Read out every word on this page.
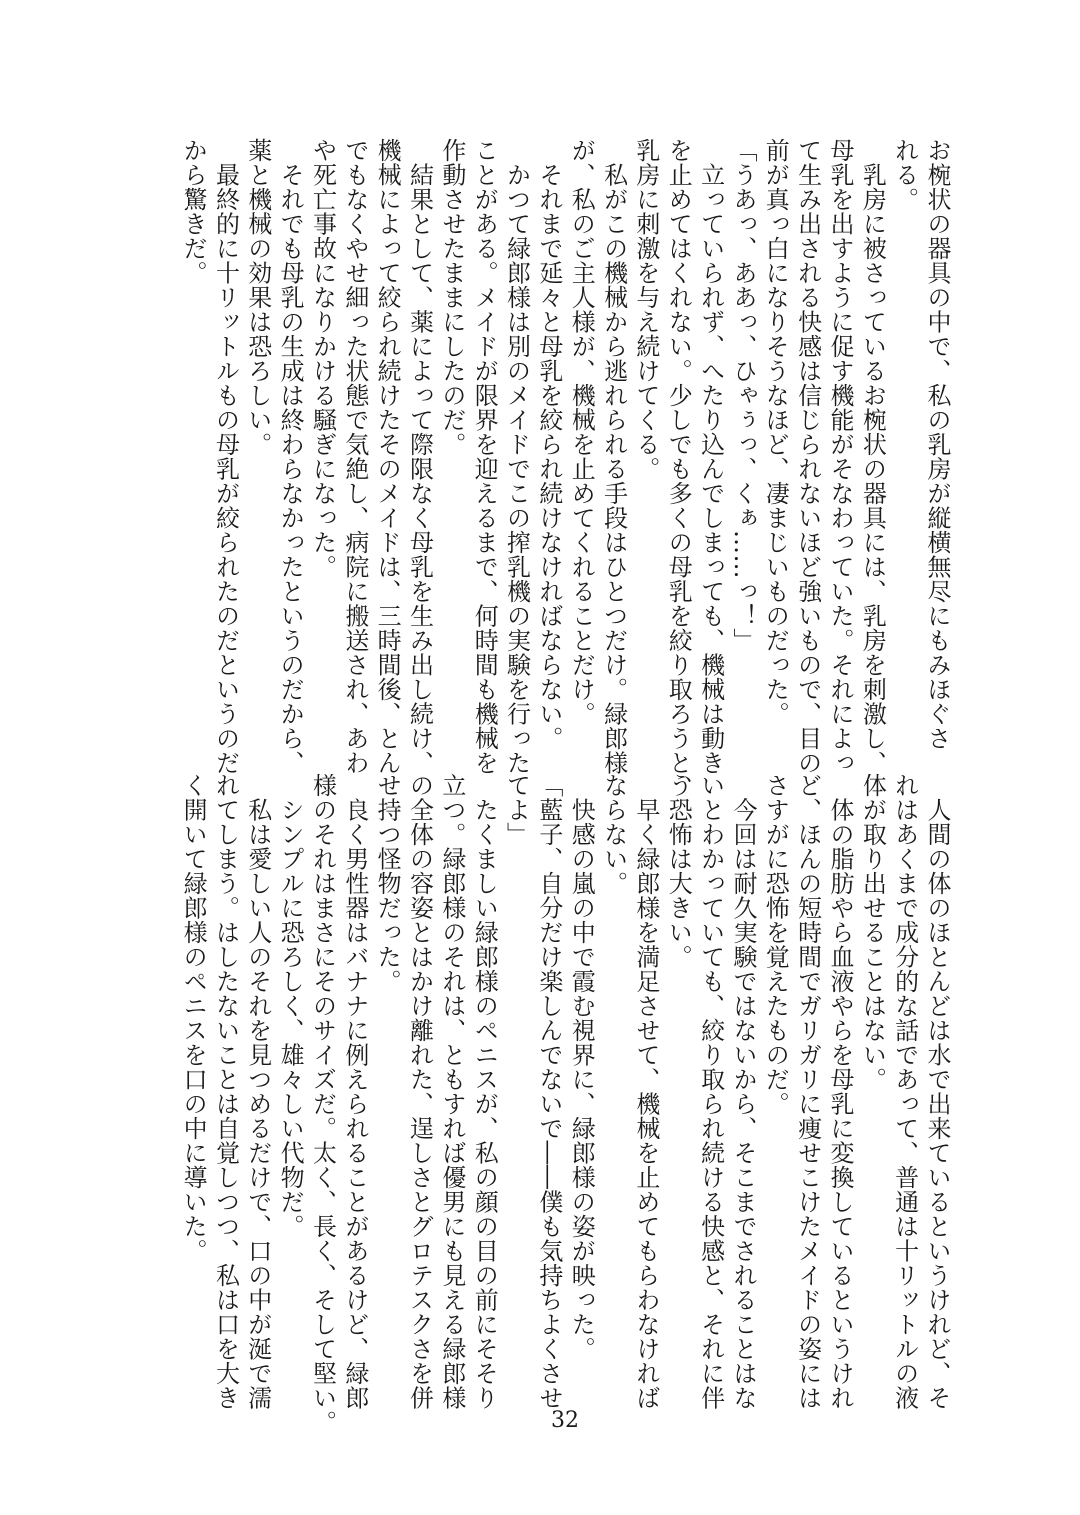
お椀状の器具の中で、私の乳房が縦横無尽にもみほぐさ
れる。
　乳房に被さっているお椀状の器具には、乳房を刺激し、
母乳を出すように促す機能がそなわっていた。それによっ
て生み出される快感は信じられないほど強いもので、目の
前が真っ白になりそうなほど、凄まじいものだった。
「うあっ、ああっ、ひゃぅっ、くぁ……っ！」
　立っていられず、へたり込んでしまっても、機械は動き
を止めてはくれない。少しでも多くの母乳を絞り取ろうと、
乳房に刺激を与え続けてくる。
　私がこの機械から逃れられる手段はひとつだけ。緑郎様
が、私のご主人様が、機械を止めてくれることだけ。
　それまで延々と母乳を絞られ続けなければならない。
　かつて緑郎様は別のメイドでこの搾乳機の実験を行った
ことがある。メイドが限界を迎えるまで、何時間も機械を
作動させたままにしたのだ。
　結果として、薬によって際限なく母乳を生み出し続け、
機械によって絞られ続けたそのメイドは、三時間後、とん
でもなくやせ細った状態で気絶し、病院に搬送され、あわ
や死亡事故になりかける騒ぎになった。
　それでも母乳の生成は終わらなかったというのだから、
薬と機械の効果は恐ろしい。
　最終的に十リットルもの母乳が絞られたのだというのだ
から驚きだ。
　人間の体のほとんどは水で出来ているというけれど、そ
れはあくまで成分的な話であって、普通は十リットルの液
体が取り出せることはない。
　体の脂肪やら血液やらを母乳に変換しているというけれ
ど、ほんの短時間でガリガリに痩せこけたメイドの姿には
さすがに恐怖を覚えたものだ。
　今回は耐久実験ではないから、そこまでされることはな
いとわかっていても、絞り取られ続ける快感と、それに伴
う恐怖は大きい。
　早く緑郎様を満足させて、機械を止めてもらわなければ
ならない。
　快感の嵐の中で霞む視界に、緑郎様の姿が映った。
「藍子、自分だけ楽しんでないで――僕も気持ちよくさせ
てよ」
　たくましい緑郎様のペニスが、私の顔の目の前にそそり
立つ。緑郎様のそれは、ともすれば優男にも見える緑郎様
の全体の容姿とはかけ離れた、逞しさとグロテスクさを併
せ持つ怪物だった。
　良く男性器はバナナに例えられることがあるけど、緑郎
様のそれはまさにそのサイズだ。太く、長く、そして堅い。
　シンプルに恐ろしく、雄々しい代物だ。
　私は愛しい人のそれを見つめるだけで、口の中が涎で濡
れてしまう。はしたないことは自覚しつつ、私は口を大き
く開いて緑郎様のペニスを口の中に導いた。
32
